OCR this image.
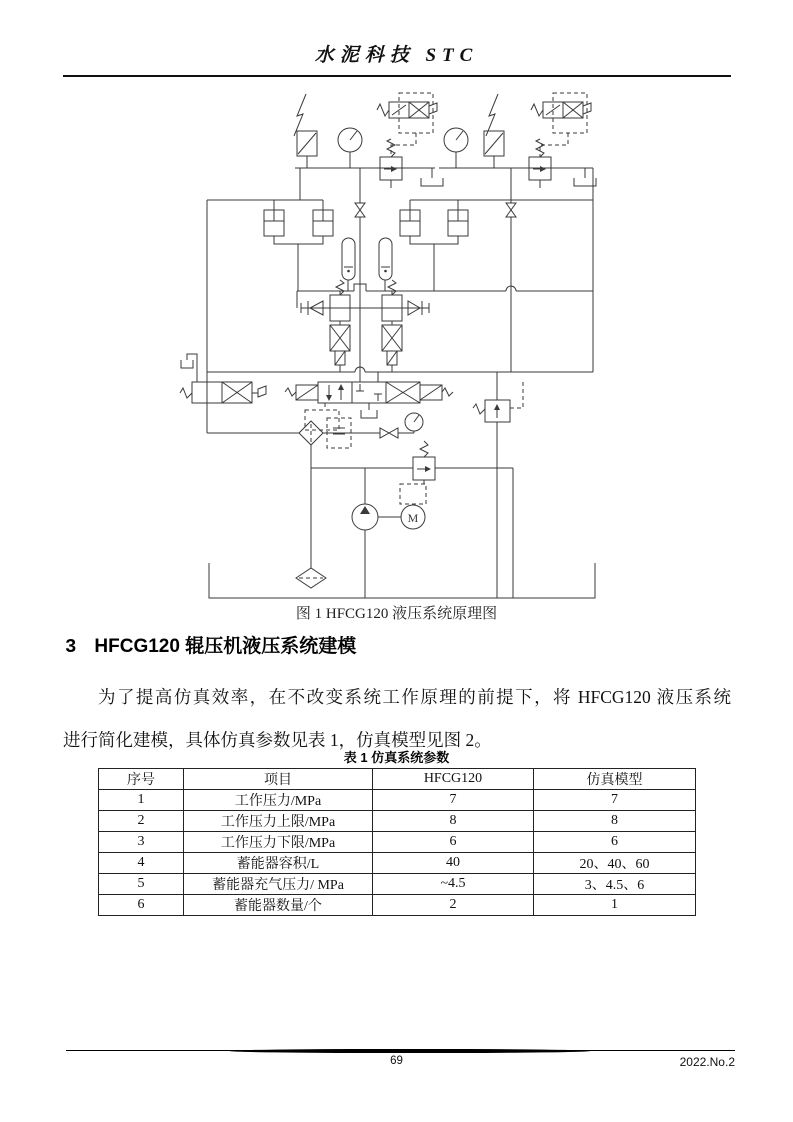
水泥科技 STC
M
图 1 HFCG120 液压系统原理图
3 HFCG120 辊压机液压系统建模
为了提高仿真效率，在不改变系统工作原理的前提下，将 HFCG120 液压系统
进行简化建模，具体仿真参数见表 1，仿真模型见图 2。
表 1 仿真系统参数
序号	项目	HFCG120	仿真模型
1	工作压力/MPa	7	7
2	工作压力上限/MPa	8	8
3	工作压力下限/MPa	6	6
4	蓄能器容积/L	40	20、40、60
5	蓄能器充气压力/ MPa	~4.5	3、4.5、6
6	蓄能器数量/个	2	1
69	2022.No.2
